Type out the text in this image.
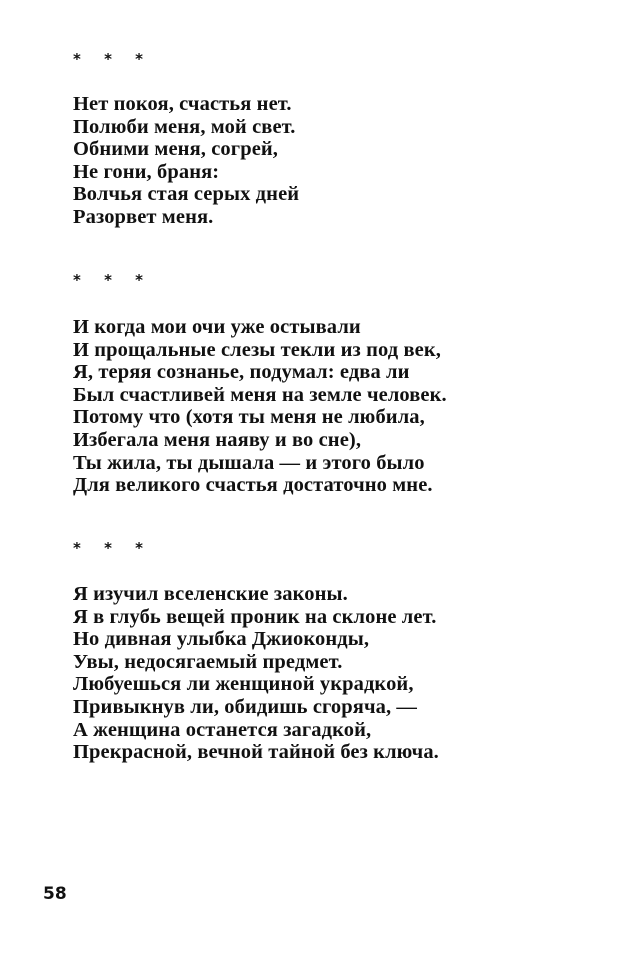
* * *
Нет покоя, счастья нет.
Полюби меня, мой свет.
Обними меня, согрей,
Не гони, браня:
Волчья стая серых дней
Разорвет меня.
* * *
И когда мои очи уже остывали
И прощальные слезы текли из под век,
Я, теряя сознанье, подумал: едва ли
Был счастливей меня на земле человек.
Потому что (хотя ты меня не любила,
Избегала меня наяву и во сне),
Ты жила, ты дышала — и этого было
Для великого счастья достаточно мне.
* * *
Я изучил вселенские законы.
Я в глубь вещей проник на склоне лет.
Но дивная улыбка Джиоконды,
Увы, недосягаемый предмет.
Любуешься ли женщиной украдкой,
Привыкнув ли, обидишь сгоряча, —
А женщина останется загадкой,
Прекрасной, вечной тайной без ключа.
58
